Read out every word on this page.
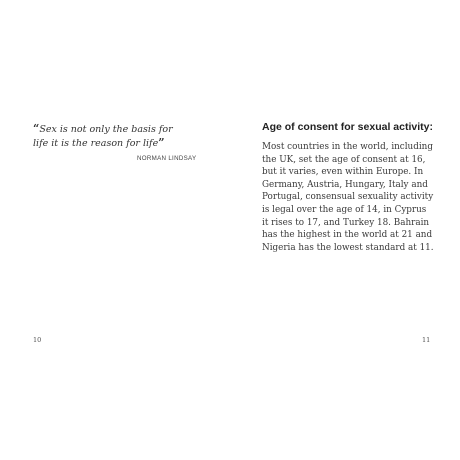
“Sex is not only the basis for
life it is the reason for life”

NORMAN LINDSAY
10
Age of consent for sexual activity:

Most countries in the world, including
the UK, set the age of consent at 16,
but it varies, even within Europe. In
Germany, Austria, Hungary, Italy and
Portugal, consensual sexuality activity
is legal over the age of 14, in Cyprus
it rises to 17, and Turkey 18. Bahrain
has the highest in the world at 21 and
Nigeria has the lowest standard at 11.

11
